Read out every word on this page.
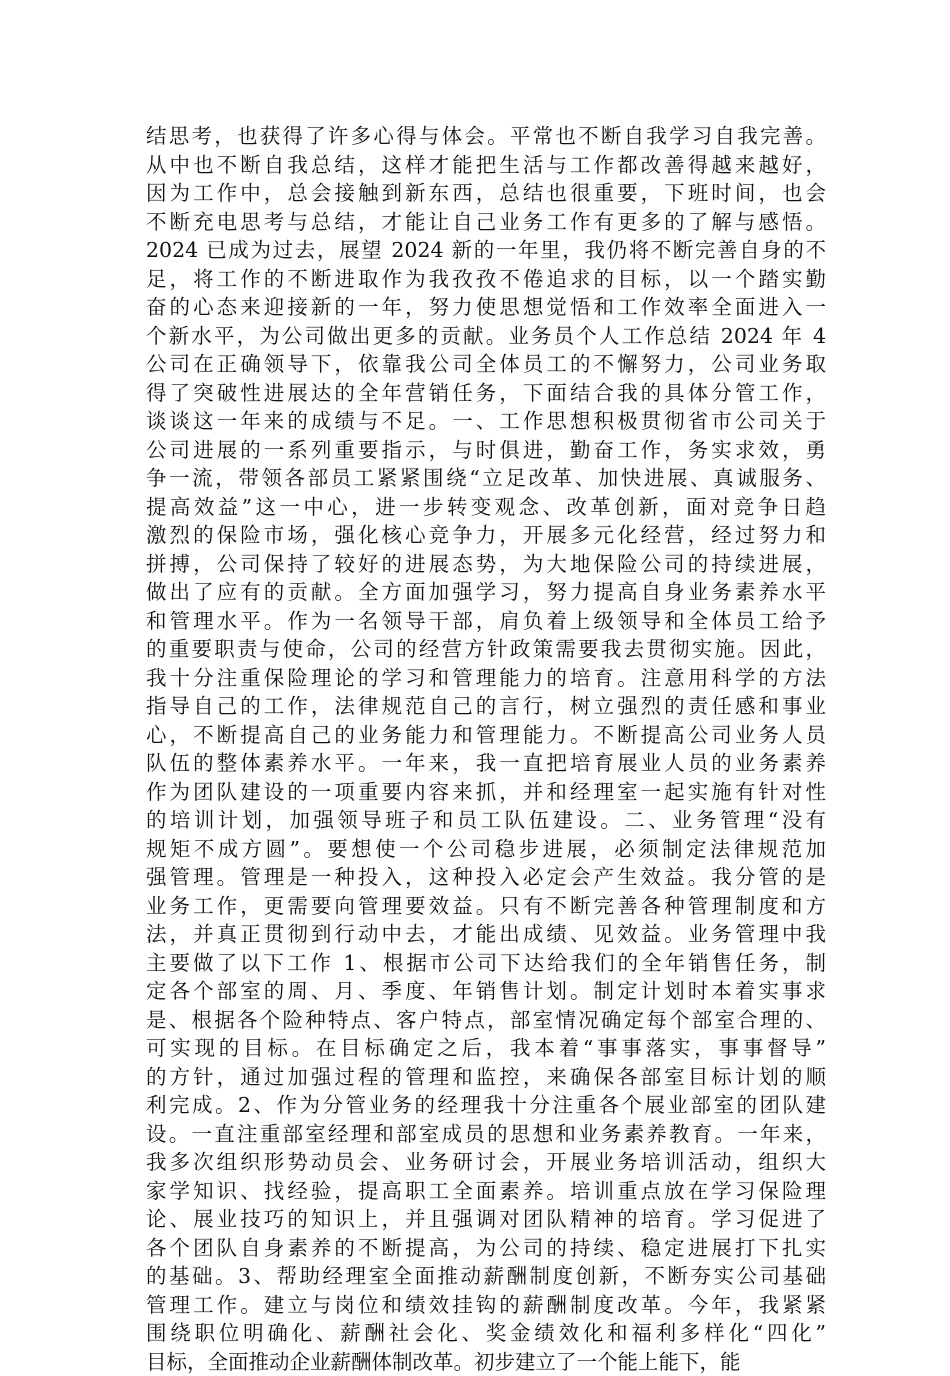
结思考，也获得了许多心得与体会。平常也不断自我学习自我完善。
从中也不断自我总结，这样才能把生活与工作都改善得越来越好，
因为工作中，总会接触到新东西，总结也很重要，下班时间，也会
不断充电思考与总结，才能让自己业务工作有更多的了解与感悟。
2024 已成为过去，展望 2024 新的一年里，我仍将不断完善自身的不
足，将工作的不断进取作为我孜孜不倦追求的目标，以一个踏实勤
奋的心态来迎接新的一年，努力使思想觉悟和工作效率全面进入一
个新水平，为公司做出更多的贡献。业务员个人工作总结 2024 年 4
公司在正确领导下，依靠我公司全体员工的不懈努力，公司业务取
得了突破性进展达的全年营销任务，下面结合我的具体分管工作，
谈谈这一年来的成绩与不足。一、工作思想积极贯彻省市公司关于
公司进展的一系列重要指示，与时俱进，勤奋工作，务实求效，勇
争一流，带领各部员工紧紧围绕“立足改革、加快进展、真诚服务、
提高效益”这一中心，进一步转变观念、改革创新，面对竞争日趋
激烈的保险市场，强化核心竞争力，开展多元化经营，经过努力和
拼搏，公司保持了较好的进展态势，为大地保险公司的持续进展，
做出了应有的贡献。全方面加强学习，努力提高自身业务素养水平
和管理水平。作为一名领导干部，肩负着上级领导和全体员工给予
的重要职责与使命，公司的经营方针政策需要我去贯彻实施。因此，
我十分注重保险理论的学习和管理能力的培育。注意用科学的方法
指导自己的工作，法律规范自己的言行，树立强烈的责任感和事业
心，不断提高自己的业务能力和管理能力。不断提高公司业务人员
队伍的整体素养水平。一年来，我一直把培育展业人员的业务素养
作为团队建设的一项重要内容来抓，并和经理室一起实施有针对性
的培训计划，加强领导班子和员工队伍建设。二、业务管理“没有
规矩不成方圆”。要想使一个公司稳步进展，必须制定法律规范加
强管理。管理是一种投入，这种投入必定会产生效益。我分管的是
业务工作，更需要向管理要效益。只有不断完善各种管理制度和方
法，并真正贯彻到行动中去，才能出成绩、见效益。业务管理中我
主要做了以下工作 1、根据市公司下达给我们的全年销售任务，制
定各个部室的周、月、季度、年销售计划。制定计划时本着实事求
是、根据各个险种特点、客户特点，部室情况确定每个部室合理的、
可实现的目标。在目标确定之后，我本着“事事落实，事事督导”
的方针，通过加强过程的管理和监控，来确保各部室目标计划的顺
利完成。2、作为分管业务的经理我十分注重各个展业部室的团队建
设。一直注重部室经理和部室成员的思想和业务素养教育。一年来，
我多次组织形势动员会、业务研讨会，开展业务培训活动，组织大
家学知识、找经验，提高职工全面素养。培训重点放在学习保险理
论、展业技巧的知识上，并且强调对团队精神的培育。学习促进了
各个团队自身素养的不断提高，为公司的持续、稳定进展打下扎实
的基础。3、帮助经理室全面推动薪酬制度创新，不断夯实公司基础
管理工作。建立与岗位和绩效挂钩的薪酬制度改革。今年，我紧紧
围绕职位明确化、薪酬社会化、奖金绩效化和福利多样化“四化”
目标，全面推动企业薪酬体制改革。初步建立了一个能上能下，能
